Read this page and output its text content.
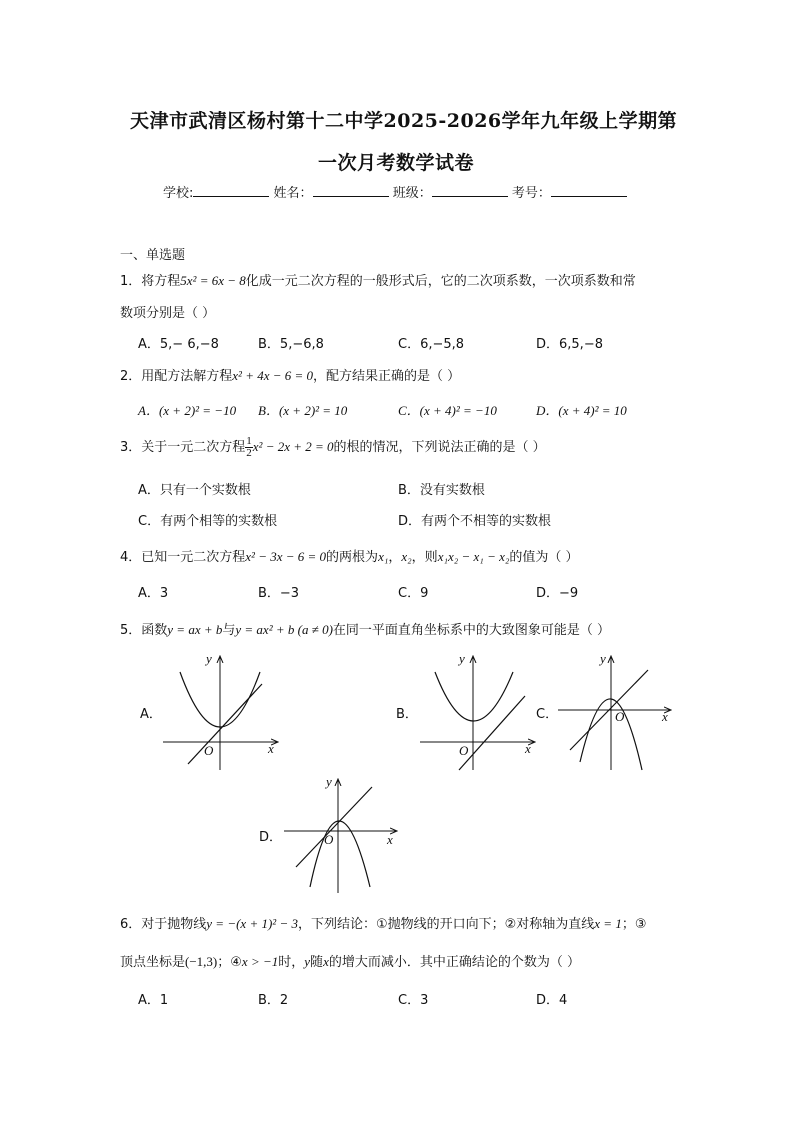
天津市武清区杨村第十二中学2025-2026学年九年级上学期第
一次月考数学试卷
学校:	姓名：	班级：	考号：
一、单选题
1．将方程5x² = 6x − 8化成一元二次方程的一般形式后，它的二次项系数，一次项系数和常
数项分别是（ ）
A．5,− 6,−8	B．5,−6,8	C．6,−5,8	D．6,5,−8
2．用配方法解方程x² + 4x − 6 = 0，配方结果正确的是（ ）
A．(x + 2)² = −10 B．(x + 2)² = 10	C．(x + 4)² = −10	D．(x + 4)² = 10
3．关于一元二次方程 $\frac{1}{2} x^2 - 2x + 2 = 0$的根的情况，下列说法正确的是（ ）
A．只有一个实数根	B．没有实数根
C．有两个相等的实数根	D．有两个不相等的实数根
4．已知一元二次方程x² − 3x − 6 = 0的两根为x₁，x₂，则x₁x₂ − x₁ − x₂的值为（ ）
A．3	B．−3	C．9	D．−9
5．函数y = ax + b与y = ax² + b (a ≠ 0)在同一平面直角坐标系中的大致图象可能是（ ）
A．	B．	C．
D．
O	x
y
O	x
y
O	x
y
O	x
y
6．对于抛物线y = −(x + 1)² − 3，下列结论：①抛物线的开口向下；②对称轴为直线x = 1；③
顶点坐标是(−1,3)；④x > −1时，y随x的增大而减小．其中正确结论的个数为（ ）
A．1	B．2	C．3	D．4
